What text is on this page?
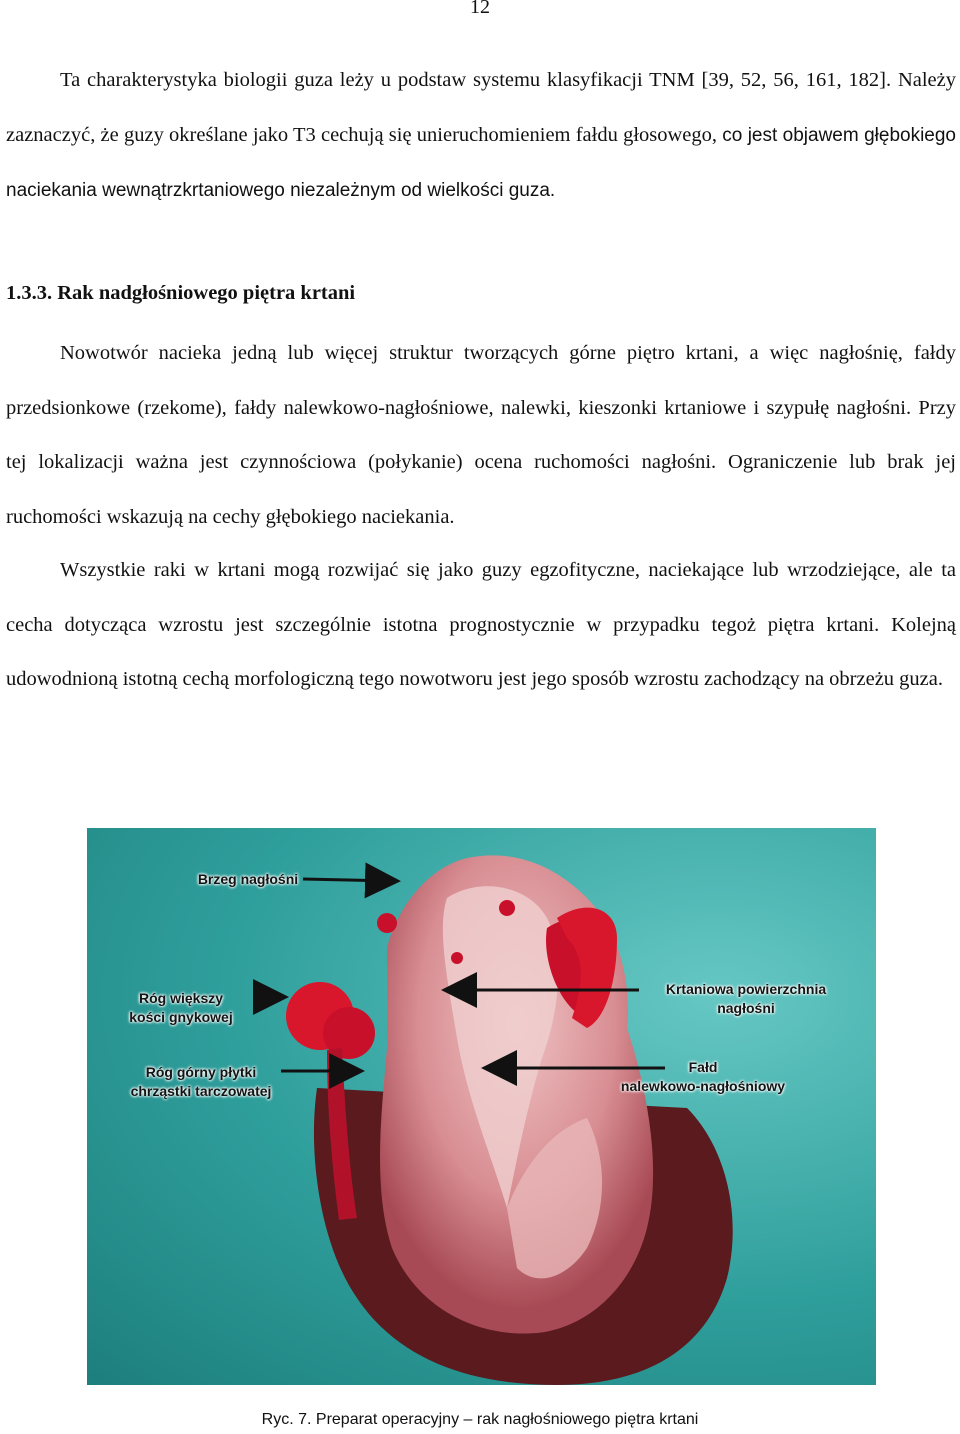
12

Ta charakterystyka biologii guza leży u podstaw systemu klasyfikacji TNM [39, 52, 56, 161, 182]. Należy zaznaczyć, że guzy określane jako T3 cechują się unieruchomieniem fałdu głosowego, co jest objawem głębokiego naciekania wewnątrzkrtaniowego niezależnym od wielkości guza.

1.3.3. Rak nadgłośniowego piętra krtani

Nowotwór nacieka jedną lub więcej struktur tworzących górne piętro krtani, a więc nagłośnię, fałdy przedsionkowe (rzekome), fałdy nalewkowo-nagłośniowe, nalewki, kieszonki krtaniowe i szypułę nagłośni. Przy tej lokalizacji ważna jest czynnościowa (połykanie) ocena ruchomości nagłośni. Ograniczenie lub brak jej ruchomości wskazują na cechy głębokiego naciekania.

Wszystkie raki w krtani mogą rozwijać się jako guzy egzofityczne, naciekające lub wrzodziejące, ale ta cecha dotycząca wzrostu jest szczególnie istotna prognostycznie w przypadku tegoż piętra krtani. Kolejną udowodnioną istotną cechą morfologiczną tego nowotworu jest jego sposób wzrostu zachodzący na obrzeżu guza.

Brzeg nagłośni
Róg większy
kości gnykowej
Róg górny płytki
chrząstki tarczowatej
Krtaniowa powierzchnia
nagłośni
Fałd
nalewkowo-nagłośniowy
Ryc. 7. Preparat operacyjny – rak nagłośniowego piętra krtani
